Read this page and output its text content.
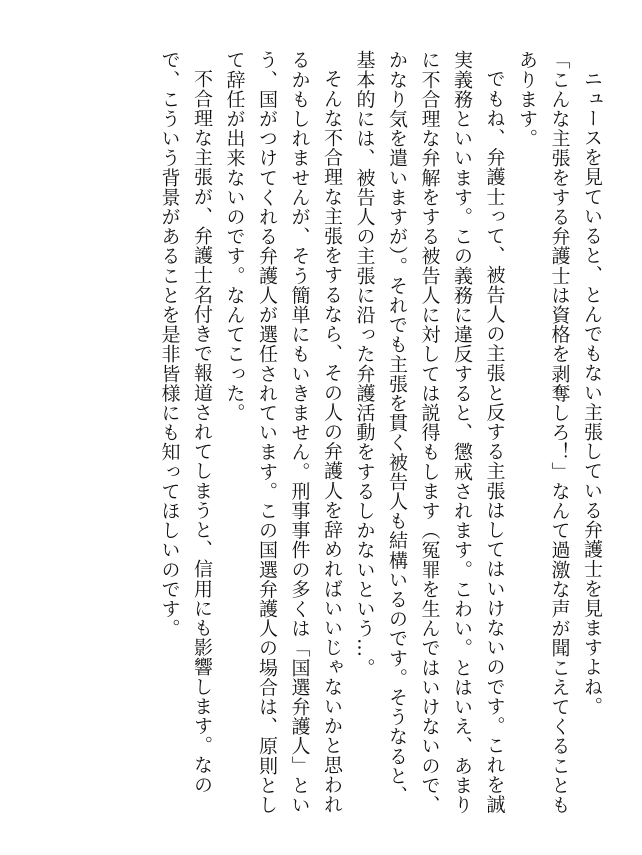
ニュースを見ていると、とんでもない主張している弁護士を見ますよね。

「こんな主張をする弁護士は資格を剥奪しろ！」なんて過激な声が聞こえてくることもあります。

でもね、弁護士って、被告人の主張と反する主張はしてはいけないのです。これを誠実義務といいます。この義務に違反すると、懲戒されます。こわい。とはいえ、あまりに不合理な弁解をする被告人に対しては説得もします（冤罪を生んではいけないので、かなり気を遣いますが）。それでも主張を貫く被告人も結構いるのです。そうなると、基本的には、被告人の主張に沿った弁護活動をするしかないという…。

そんな不合理な主張をするなら、その人の弁護人を辞めればいいじゃないかと思われるかもしれませんが、そう簡単にもいきません。刑事事件の多くは「国選弁護人」という、国がつけてくれる弁護人が選任されています。この国選弁護人の場合は、原則として辞任が出来ないのです。なんてこった。

不合理な主張が、弁護士名付きで報道されてしまうと、信用にも影響します。なので、こういう背景があることを是非皆様にも知ってほしいのです。
